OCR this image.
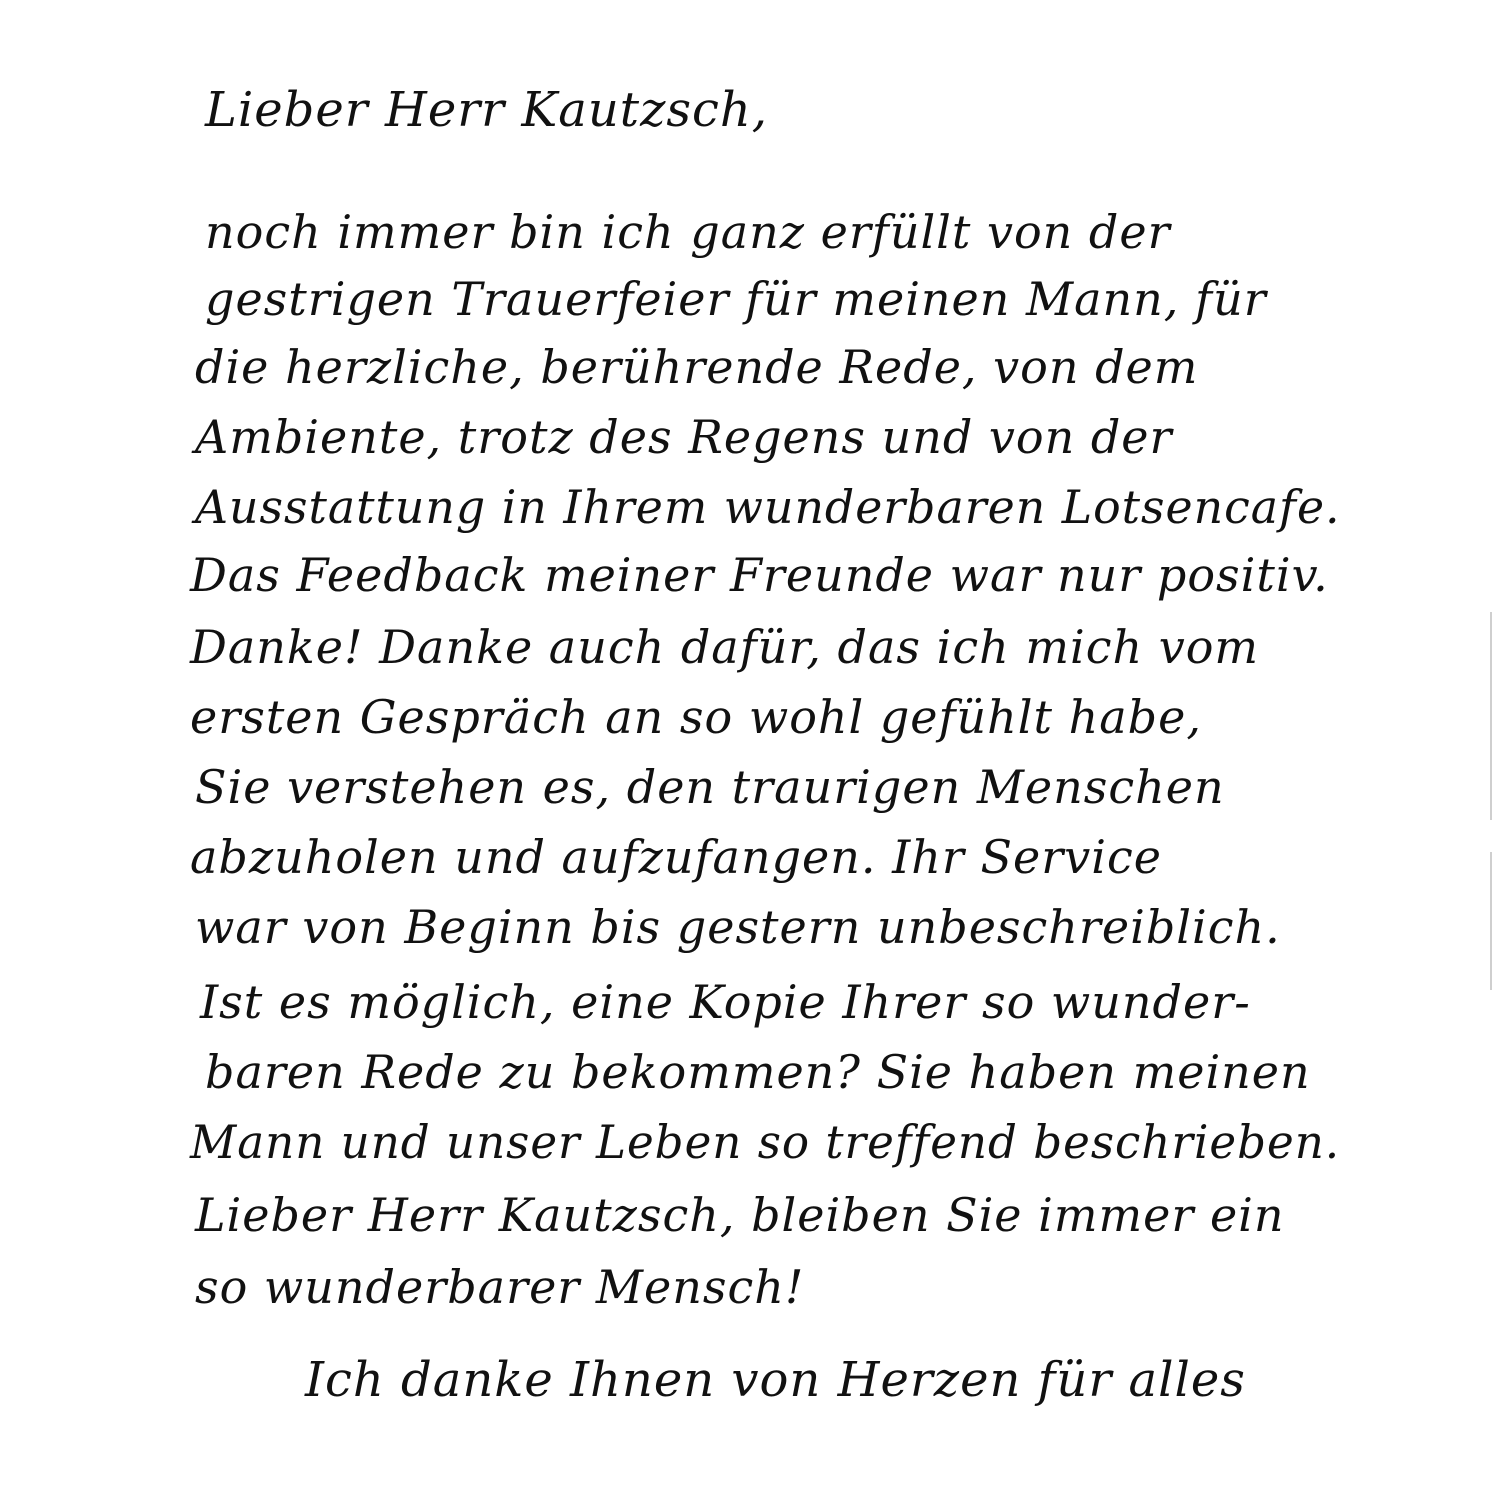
Lieber Herr Kautzsch,
noch immer bin ich ganz erfüllt von der
gestrigen Trauerfeier für meinen Mann, für
die herzliche, berührende Rede, von dem
Ambiente, trotz des Regens und von der
Ausstattung in Ihrem wunderbaren Lotsencafe.
Das Feedback meiner Freunde war nur positiv.
Danke! Danke auch dafür, das ich mich vom
ersten Gespräch an so wohl gefühlt habe,
Sie verstehen es, den traurigen Menschen
abzuholen und aufzufangen. Ihr Service
war von Beginn bis gestern unbeschreiblich.
Ist es möglich, eine Kopie Ihrer so wunder-
baren Rede zu bekommen? Sie haben meinen
Mann und unser Leben so treffend beschrieben.
Lieber Herr Kautzsch, bleiben Sie immer ein
so wunderbarer Mensch!
Ich danke Ihnen von Herzen für alles
